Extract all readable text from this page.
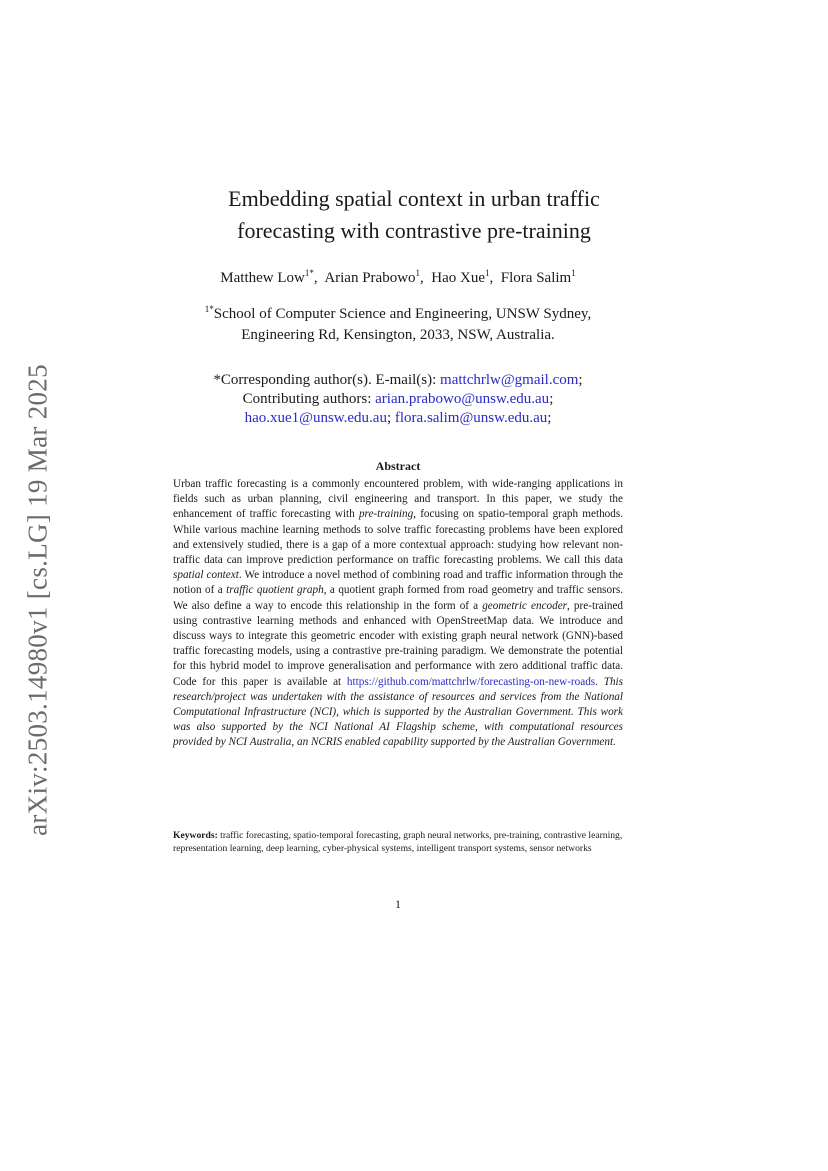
arXiv:2503.14980v1 [cs.LG] 19 Mar 2025
Embedding spatial context in urban traffic
forecasting with contrastive pre-training
Matthew Low$^{1*}$,  Arian Prabowo$^1$,  Hao Xue$^1$,  Flora Salim$^1$
$^{1*}$School of Computer Science and Engineering, UNSW Sydney,
Engineering Rd, Kensington, 2033, NSW, Australia.
*Corresponding author(s). E-mail(s): mattchrlw@gmail.com;
Contributing authors: arian.prabowo@unsw.edu.au;
hao.xue1@unsw.edu.au; flora.salim@unsw.edu.au;
Abstract
Urban traffic forecasting is a commonly encountered problem, with wide-ranging applications in fields such as urban planning, civil engineering and transport. In this paper, we study the enhancement of traffic forecasting with pre-training, focusing on spatio-temporal graph methods. While various machine learning methods to solve traffic forecasting problems have been explored and extensively studied, there is a gap of a more contextual approach: studying how relevant non-traffic data can improve prediction performance on traffic forecasting problems. We call this data spatial context. We introduce a novel method of combining road and traffic information through the notion of a traffic quotient graph, a quotient graph formed from road geometry and traffic sensors. We also define a way to encode this relationship in the form of a geometric encoder, pre-trained using contrastive learning methods and enhanced with OpenStreetMap data. We introduce and discuss ways to integrate this geometric encoder with existing graph neural network (GNN)-based traffic forecasting models, using a contrastive pre-training paradigm. We demonstrate the potential for this hybrid model to improve generalisation and performance with zero additional traffic data. Code for this paper is available at https://github.com/mattchrlw/forecasting-on-new-roads. This research/project was undertaken with the assistance of resources and services from the National Computational Infrastructure (NCI), which is supported by the Australian Government. This work was also supported by the NCI National AI Flagship scheme, with computational resources provided by NCI Australia, an NCRIS enabled capability supported by the Australian Government.
Keywords: traffic forecasting, spatio-temporal forecasting, graph neural networks, pre-training, contrastive learning, representation learning, deep learning, cyber-physical systems, intelligent transport systems, sensor networks
1
